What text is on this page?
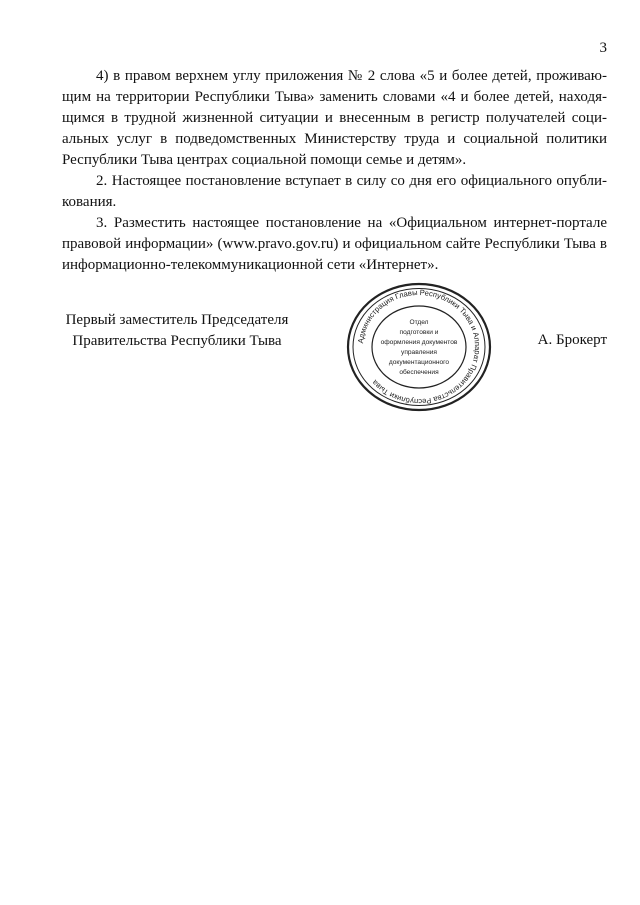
3

4) в правом верхнем углу приложения № 2 слова «5 и более детей, проживающим на территории Республики Тыва» заменить словами «4 и более детей, находящимся в трудной жизненной ситуации и внесенным в регистр получателей социальных услуг в подведомственных Министерству труда и социальной политики Республики Тыва центрах социальной помощи семье и детям».

2. Настоящее постановление вступает в силу со дня его официального опубликования.

3. Разместить настоящее постановление на «Официальном интернет-портале правовой информации» (www.pravo.gov.ru) и официальном сайте Республики Тыва в информационно-телекоммуникационной сети «Интернет».

Первый заместитель Председателя
Правительства Республики Тыва	Администрация Главы Республики Тыва и Аппарат Правительства Республики Тыва
Отдел
подготовки и
оформления документов
управления
документационного
обеспечения
А. Брокерт
